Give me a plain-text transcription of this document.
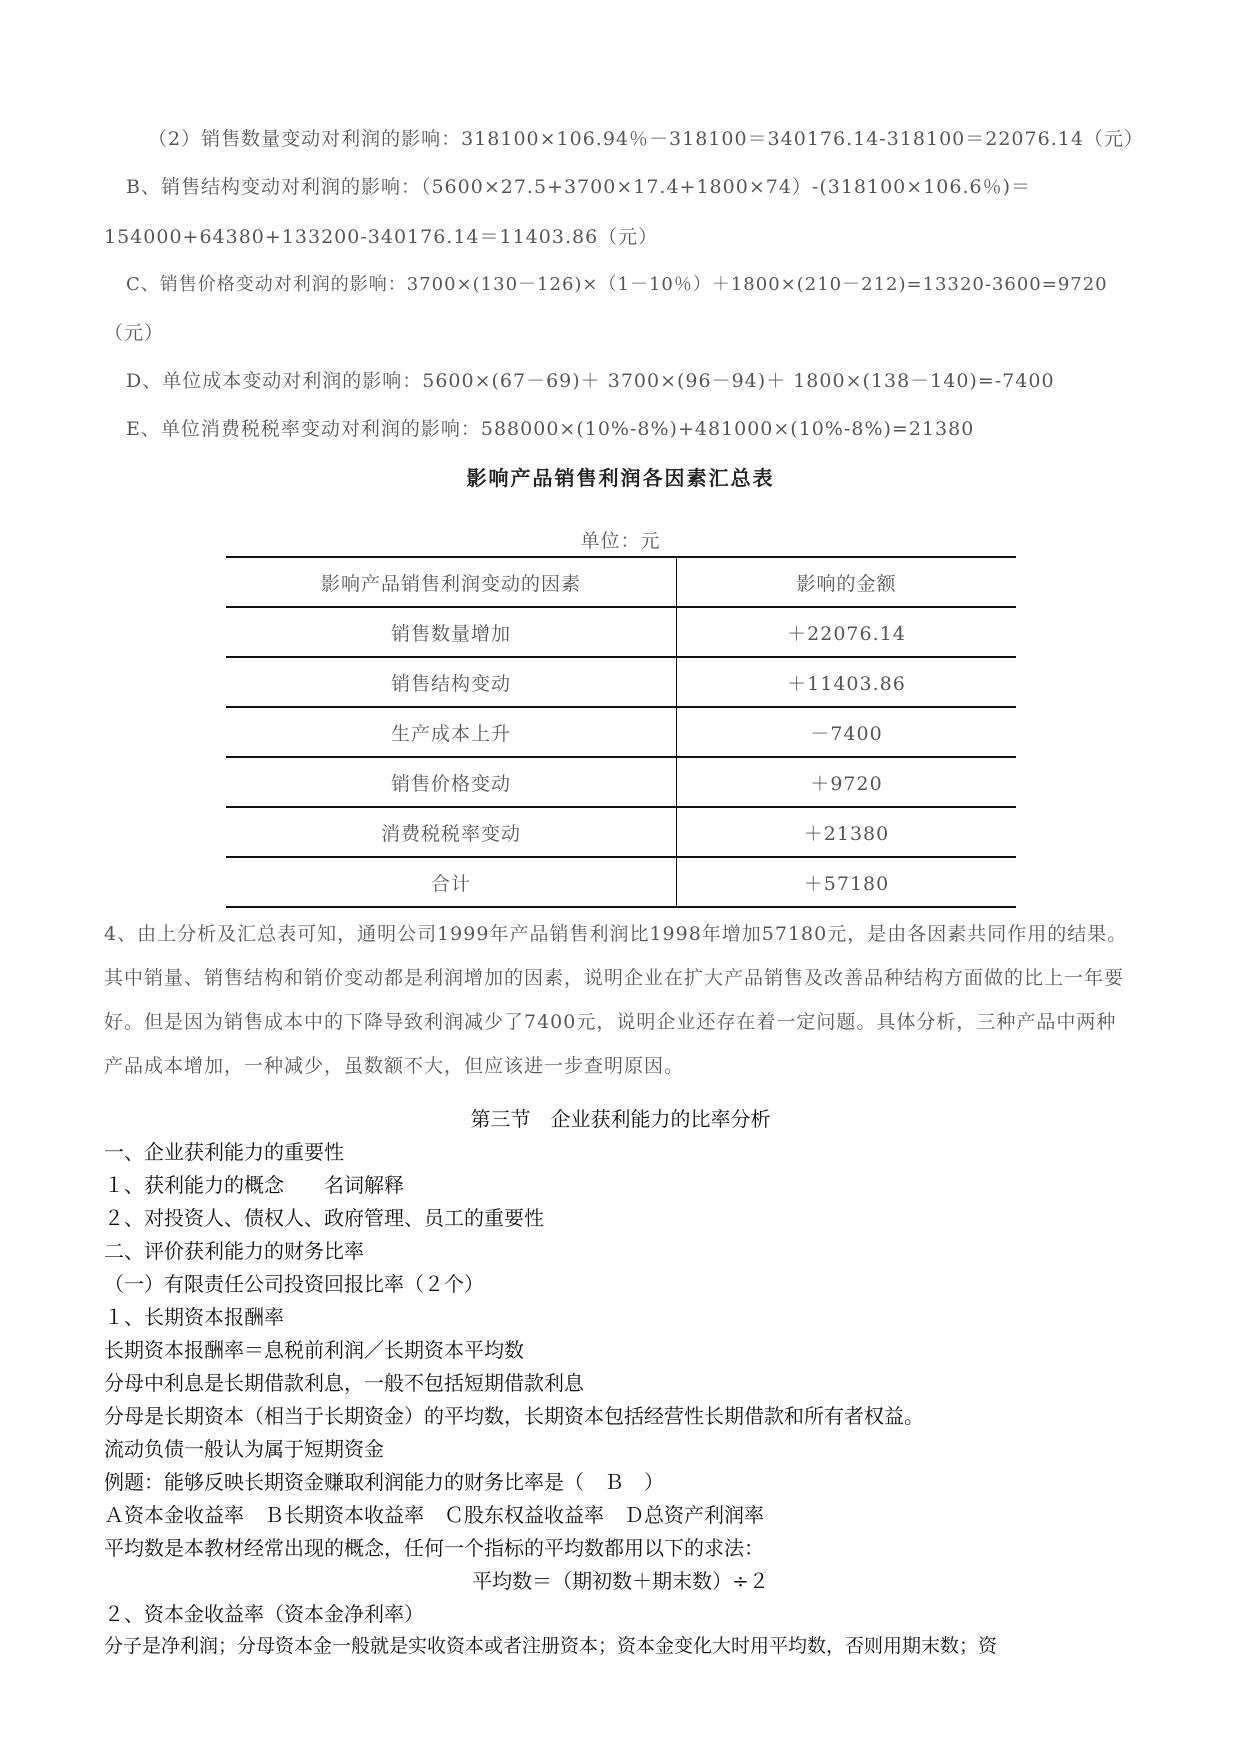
（2）销售数量变动对利润的影响：318100×106.94％－318100＝340176.14-318100＝22076.14（元）
B、销售结构变动对利润的影响：（5600×27.5+3700×17.4+1800×74）-(318100×106.6％)＝
154000+64380+133200-340176.14＝11403.86（元）
C、销售价格变动对利润的影响：3700×(130－126)×（1－10％）＋1800×(210－212)=13320-3600=9720
（元）
D、单位成本变动对利润的影响：5600×(67－69)＋ 3700×(96－94)＋ 1800×(138－140)=-7400
E、单位消费税税率变动对利润的影响：588000×(10%-8%)+481000×(10%-8%)=21380
影响产品销售利润各因素汇总表
单位：元
影响产品销售利润变动的因素	影响的金额
销售数量增加	＋22076.14
销售结构变动	＋11403.86
生产成本上升	－7400
销售价格变动	＋9720
消费税税率变动	＋21380
合计	＋57180
4、由上分析及汇总表可知，通明公司1999年产品销售利润比1998年增加57180元，是由各因素共同作用的结果。其中销量、销售结构和销价变动都是利润增加的因素，说明企业在扩大产品销售及改善品种结构方面做的比上一年要好。但是因为销售成本中的下降导致利润减少了7400元，说明企业还存在着一定问题。具体分析，三种产品中两种产品成本增加，一种减少，虽数额不大，但应该进一步查明原因。
第三节　企业获利能力的比率分析
一、企业获利能力的重要性
１、获利能力的概念　　名词解释
２、对投资人、债权人、政府管理、员工的重要性
二、评价获利能力的财务比率
（一）有限责任公司投资回报比率（２个）
１、长期资本报酬率
长期资本报酬率＝息税前利润／长期资本平均数
分母中利息是长期借款利息，一般不包括短期借款利息
分母是长期资本（相当于长期资金）的平均数，长期资本包括经营性长期借款和所有者权益。
流动负债一般认为属于短期资金
例题：能够反映长期资金赚取利润能力的财务比率是（　Ｂ　）
Ａ资本金收益率　Ｂ长期资本收益率　Ｃ股东权益收益率　Ｄ总资产利润率
平均数是本教材经常出现的概念，任何一个指标的平均数都用以下的求法：
平均数＝（期初数＋期末数）÷２
２、资本金收益率（资本金净利率）
分子是净利润；分母资本金一般就是实收资本或者注册资本；资本金变化大时用平均数，否则用期末数；资
